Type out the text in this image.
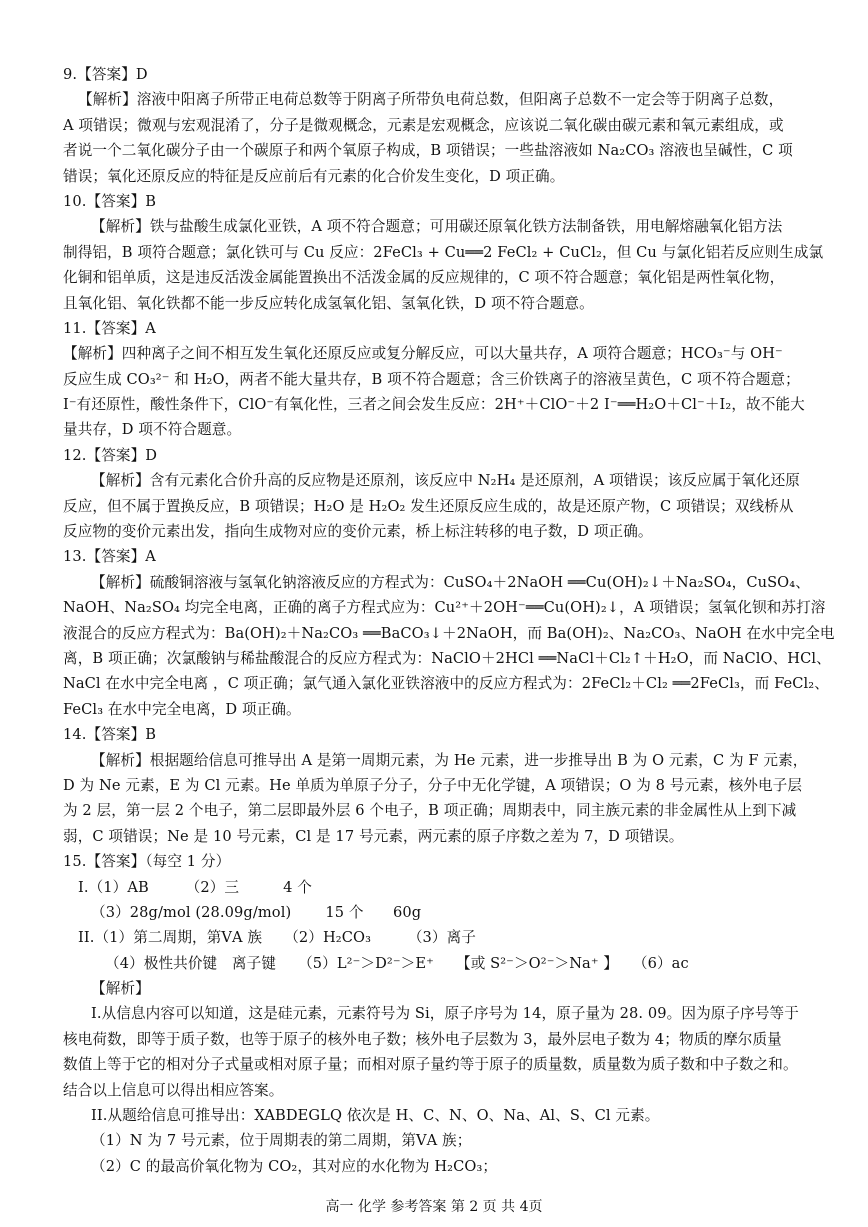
9.【答案】D
【解析】溶液中阳离子所带正电荷总数等于阴离子所带负电荷总数，但阳离子总数不一定会等于阴离子总数，
A 项错误；微观与宏观混淆了，分子是微观概念，元素是宏观概念，应该说二氧化碳由碳元素和氧元素组成，或
者说一个二氧化碳分子由一个碳原子和两个氧原子构成，B 项错误；一些盐溶液如 Na₂CO₃ 溶液也呈碱性，C 项
错误；氧化还原反应的特征是反应前后有元素的化合价发生变化，D 项正确。
10.【答案】B
【解析】铁与盐酸生成氯化亚铁，A 项不符合题意；可用碳还原氧化铁方法制备铁，用电解熔融氧化铝方法
制得铝，B 项符合题意；氯化铁可与 Cu 反应：2FeCl₃ + Cu══2 FeCl₂ + CuCl₂，但 Cu 与氯化铝若反应则生成氯
化铜和铝单质，这是违反活泼金属能置换出不活泼金属的反应规律的，C 项不符合题意；氧化铝是两性氧化物，
且氧化铝、氧化铁都不能一步反应转化成氢氧化铝、氢氧化铁，D 项不符合题意。
11.【答案】A
【解析】四种离子之间不相互发生氧化还原反应或复分解反应，可以大量共存，A 项符合题意；HCO₃⁻与 OH⁻
反应生成 CO₃²⁻ 和 H₂O，两者不能大量共存，B 项不符合题意；含三价铁离子的溶液呈黄色，C 项不符合题意；
I⁻有还原性，酸性条件下，ClO⁻有氧化性，三者之间会发生反应：2H⁺＋ClO⁻＋2 I⁻══H₂O＋Cl⁻＋I₂，故不能大
量共存，D 项不符合题意。
12.【答案】D
【解析】含有元素化合价升高的反应物是还原剂，该反应中 N₂H₄ 是还原剂，A 项错误；该反应属于氧化还原
反应，但不属于置换反应，B 项错误；H₂O 是 H₂O₂ 发生还原反应生成的，故是还原产物，C 项错误；双线桥从
反应物的变价元素出发，指向生成物对应的变价元素，桥上标注转移的电子数，D 项正确。
13.【答案】A
【解析】硫酸铜溶液与氢氧化钠溶液反应的方程式为：CuSO₄＋2NaOH ══Cu(OH)₂↓＋Na₂SO₄，CuSO₄、
NaOH、Na₂SO₄ 均完全电离，正确的离子方程式应为：Cu²⁺＋2OH⁻══Cu(OH)₂↓，A 项错误；氢氧化钡和苏打溶
液混合的反应方程式为：Ba(OH)₂＋Na₂CO₃ ══BaCO₃↓＋2NaOH，而 Ba(OH)₂、Na₂CO₃、NaOH 在水中完全电
离，B 项正确；次氯酸钠与稀盐酸混合的反应方程式为：NaClO＋2HCl ══NaCl＋Cl₂↑＋H₂O，而 NaClO、HCl、
NaCl 在水中完全电离 ，C 项正确；氯气通入氯化亚铁溶液中的反应方程式为：2FeCl₂＋Cl₂ ══2FeCl₃，而 FeCl₂、
FeCl₃ 在水中完全电离，D 项正确。
14.【答案】B
【解析】根据题给信息可推导出 A 是第一周期元素，为 He 元素，进一步推导出 B 为 O 元素，C 为 F 元素，
D 为 Ne 元素，E 为 Cl 元素。He 单质为单原子分子，分子中无化学键，A 项错误；O 为 8 号元素，核外电子层
为 2 层，第一层 2 个电子，第二层即最外层 6 个电子，B 项正确；周期表中，同主族元素的非金属性从上到下减
弱，C 项错误；Ne 是 10 号元素，Cl 是 17 号元素，两元素的原子序数之差为 7，D 项错误。
15.【答案】（每空 1 分）
I.（1）AB　　　（2）三　　　4 个
（3）28g/mol (28.09g/mol)　　 15 个　　60g
II.（1）第二周期，第ⅤA 族　　（2）H₂CO₃　　　（3）离子
（4）极性共价键　离子键　　（5）L²⁻＞D²⁻＞E⁺　　【或 S²⁻＞O²⁻＞Na⁺ 】　　（6）ac
【解析】
I.从信息内容可以知道，这是硅元素，元素符号为 Si，原子序号为 14，原子量为 28. 09。因为原子序号等于
核电荷数，即等于质子数，也等于原子的核外电子数；核外电子层数为 3，最外层电子数为 4；物质的摩尔质量
数值上等于它的相对分子式量或相对原子量；而相对原子量约等于原子的质量数，质量数为质子数和中子数之和。
结合以上信息可以得出相应答案。
II.从题给信息可推导出：XABDEGLQ 依次是 H、C、N、O、Na、Al、S、Cl 元素。
（1）N 为 7 号元素，位于周期表的第二周期，第ⅤA 族；
（2）C 的最高价氧化物为 CO₂，其对应的水化物为 H₂CO₃；
高一 化学 参考答案 第 2 页 共 4页
